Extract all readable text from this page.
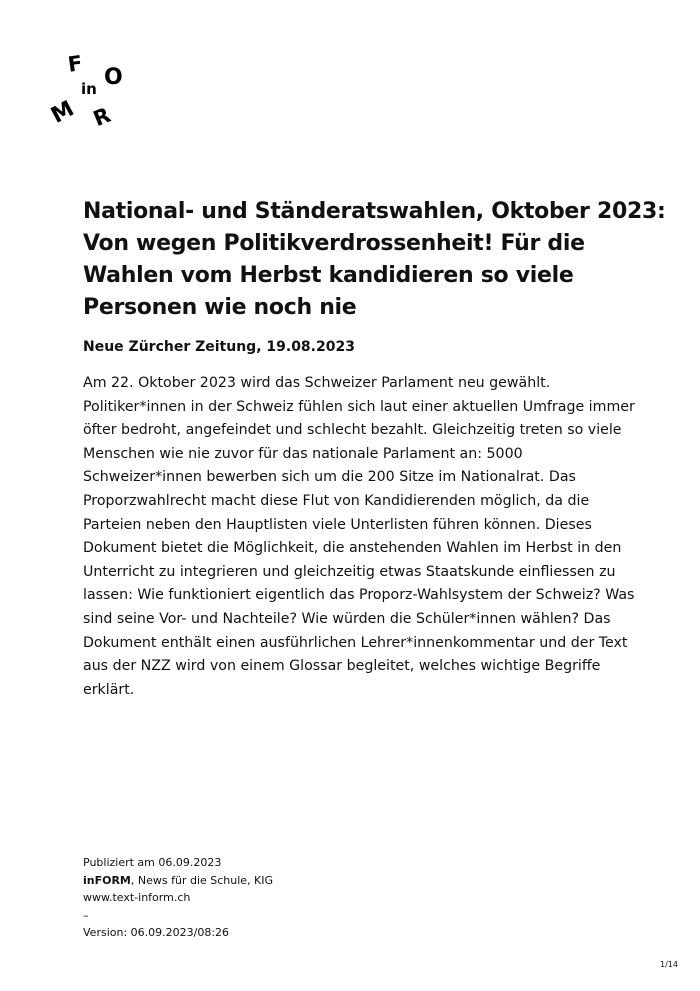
F
in O
M R
National- und Ständeratswahlen, Oktober 2023: Von wegen Politikverdrossenheit! Für die Wahlen vom Herbst kandidieren so viele Personen wie noch nie

Neue Zürcher Zeitung, 19.08.2023

Am 22. Oktober 2023 wird das Schweizer Parlament neu gewählt. Politiker*innen in der Schweiz fühlen sich laut einer aktuellen Umfrage immer öfter bedroht, angefeindet und schlecht bezahlt. Gleichzeitig treten so viele Menschen wie nie zuvor für das nationale Parlament an: 5000 Schweizer*innen bewerben sich um die 200 Sitze im Nationalrat. Das Proporzwahlrecht macht diese Flut von Kandidierenden möglich, da die Parteien neben den Hauptlisten viele Unterlisten führen können. Dieses Dokument bietet die Möglichkeit, die anstehenden Wahlen im Herbst in den Unterricht zu integrieren und gleichzeitig etwas Staatskunde einfliessen zu lassen: Wie funktioniert eigentlich das Proporz-Wahlsystem der Schweiz? Was sind seine Vor- und Nachteile? Wie würden die Schüler*innen wählen? Das Dokument enthält einen ausführlichen Lehrer*innenkommentar und der Text aus der NZZ wird von einem Glossar begleitet, welches wichtige Begriffe erklärt.

Publiziert am 06.09.2023
inFORM, News für die Schule, KIG
www.text-inform.ch
–
Version: 06.09.2023/08:26
1/14
